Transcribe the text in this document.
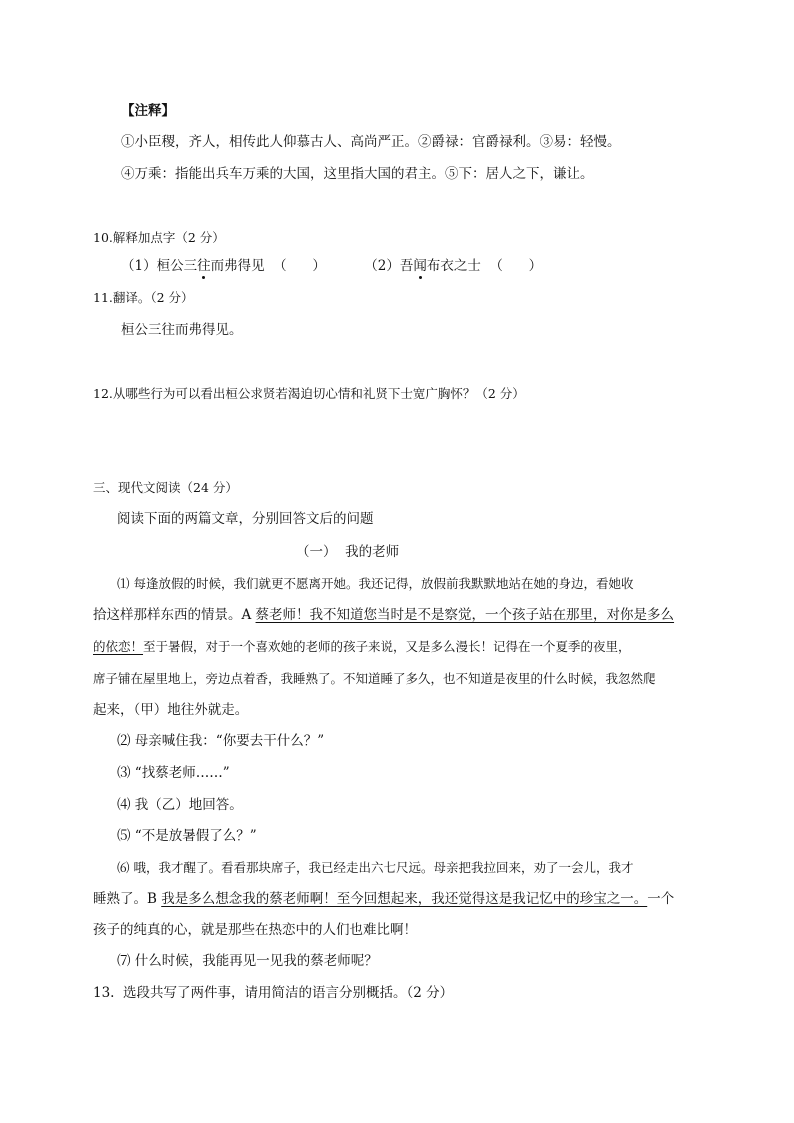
【注释】
①小臣稷，齐人，相传此人仰慕古人、高尚严正。②爵禄：官爵禄利。③易：轻慢。
④万乘：指能出兵车万乘的大国，这里指大国的君主。⑤下：居人之下，谦让。
10.解释加点字（2 分）
（1）桓公三往而弗得见  （      ）	（2）吾闻布衣之士  （      ）
11.翻译。（2 分）
桓公三往而弗得见。
12.从哪些行为可以看出桓公求贤若渴迫切心情和礼贤下士宽广胸怀？（2 分）
三、现代文阅读（24 分）
阅读下面的两篇文章，分别回答文后的问题
（一）  我的老师
⑴ 每逢放假的时候，我们就更不愿离开她。我还记得，放假前我默默地站在她的身边，看她收
拾这样那样东西的情景。A 蔡老师！我不知道您当时是不是察觉，一个孩子站在那里，对你是多么
的依恋！至于暑假，对于一个喜欢她的老师的孩子来说，又是多么漫长！记得在一个夏季的夜里，
席子铺在屋里地上，旁边点着香，我睡熟了。不知道睡了多久，也不知道是夜里的什么时候，我忽然爬
起来，（甲）地往外就走。
⑵ 母亲喊住我：“你要去干什么？”
⑶ “找蔡老师……”
⑷ 我（乙）地回答。
⑸ “不是放暑假了么？”
⑹ 哦，我才醒了。看看那块席子，我已经走出六七尺远。母亲把我拉回来，劝了一会儿，我才
睡熟了。B 我是多么想念我的蔡老师啊！至今回想起来，我还觉得这是我记忆中的珍宝之一。一个
孩子的纯真的心，就是那些在热恋中的人们也难比啊！
⑺ 什么时候，我能再见一见我的蔡老师呢？
13.  选段共写了两件事，请用简洁的语言分别概括。（2 分）
